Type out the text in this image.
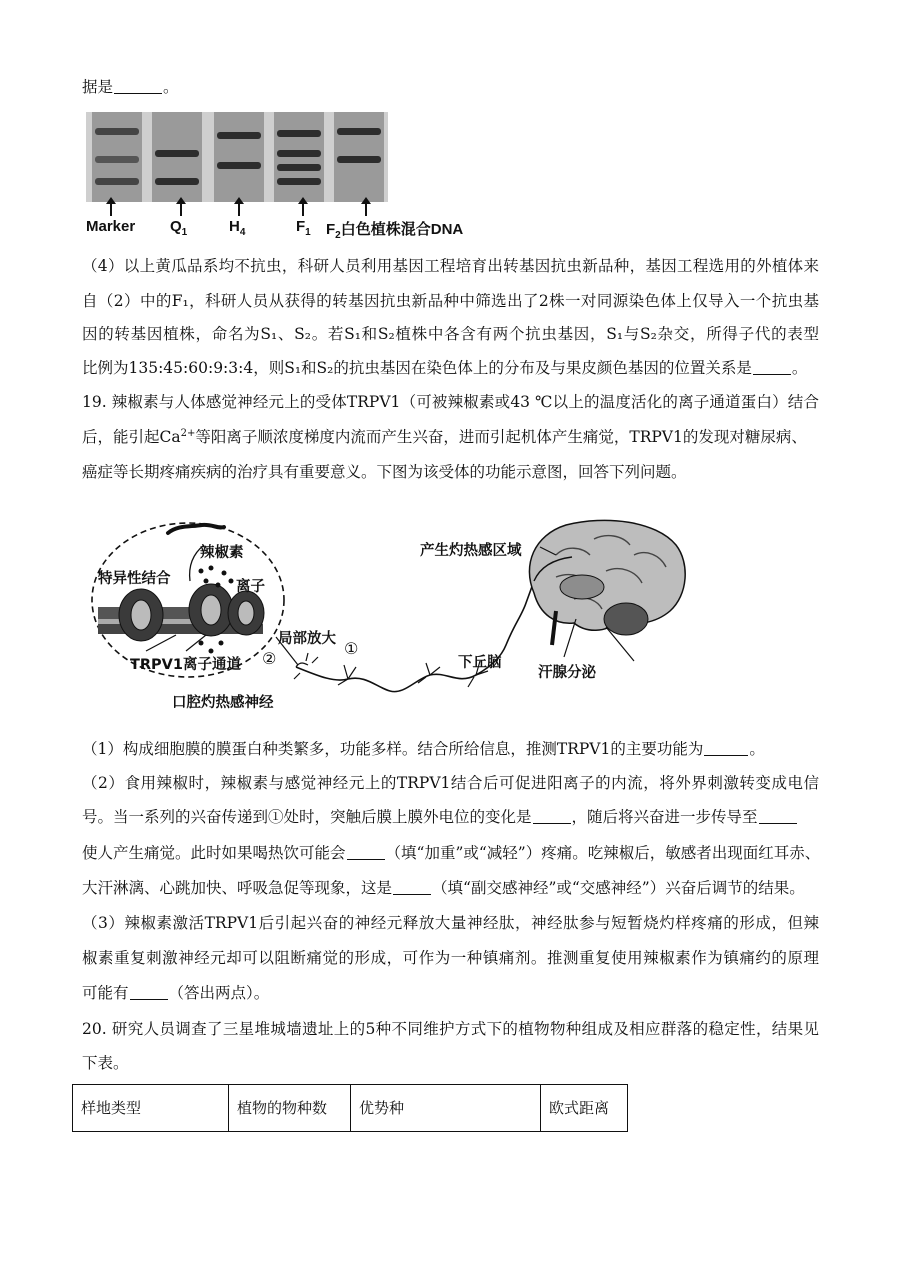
据是	。
Marker $Q_1$	$H_4$	$F_1$ $F_2$白色植株混合DNA
（4）以上黄瓜品系均不抗虫，科研人员利用基因工程培育出转基因抗虫新品种，基因工程选用的外植体来
自（2）中的F₁，科研人员从获得的转基因抗虫新品种中筛选出了2株一对同源染色体上仅导入一个抗虫基
因的转基因植株，命名为S₁、S₂。若S₁和S₂植株中各含有两个抗虫基因，S₁与S₂杂交，所得子代的表型
比例为135:45:60:9:3:4，则S₁和S₂的抗虫基因在染色体上的分布及与果皮颜色基因的位置关系是	。
19. 辣椒素与人体感觉神经元上的受体TRPV1（可被辣椒素或43 ℃以上的温度活化的离子通道蛋白）结合
后，能引起$Ca^{2+}$等阳离子顺浓度梯度内流而产生兴奋，进而引起机体产生痛觉，TRPV1的发现对糖尿病、
癌症等长期疼痛疾病的治疗具有重要意义。下图为该受体的功能示意图，回答下列问题。
特异性结合
辣椒素
离子
TRPV1离子通道
局部放大
②
①
口腔灼热感神经
产生灼热感区域
下丘脑
汗腺分泌
（1）构成细胞膜的膜蛋白种类繁多，功能多样。结合所给信息，推测TRPV1的主要功能为	。
（2）食用辣椒时，辣椒素与感觉神经元上的TRPV1结合后可促进阳离子的内流，将外界刺激转变成电信
号。当一系列的兴奋传递到①处时，突触后膜上膜外电位的变化是	，随后将兴奋进一步传导至
使人产生痛觉。此时如果喝热饮可能会	（填“加重”或“减轻”）疼痛。吃辣椒后，敏感者出现面红耳赤、
大汗淋漓、心跳加快、呼吸急促等现象，这是	（填“副交感神经”或“交感神经”）兴奋后调节的结果。
（3）辣椒素激活TRPV1后引起兴奋的神经元释放大量神经肽，神经肽参与短暂烧灼样疼痛的形成，但辣
椒素重复刺激神经元却可以阻断痛觉的形成，可作为一种镇痛剂。推测重复使用辣椒素作为镇痛约的原理
可能有	（答出两点）。
20. 研究人员调查了三星堆城墙遗址上的5种不同维护方式下的植物物种组成及相应群落的稳定性，结果见
下表。
样地类型	植物的物种数	优势种	欧式距离
